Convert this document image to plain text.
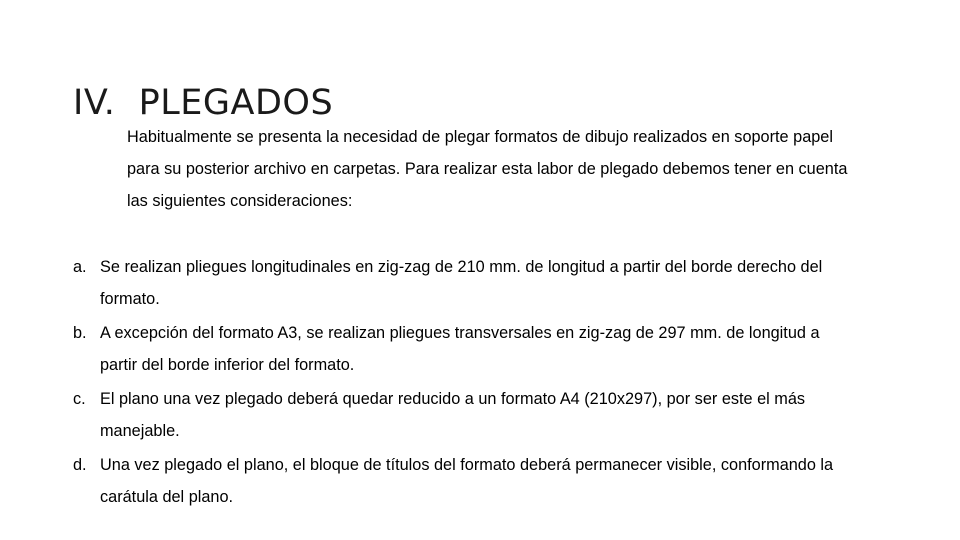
IV. PLEGADOS

Habitualmente se presenta la necesidad de plegar formatos de dibujo realizados en soporte papel para su posterior archivo en carpetas. Para realizar esta labor de plegado debemos tener en cuenta las siguientes consideraciones:

a. Se realizan pliegues longitudinales en zig-zag de 210 mm. de longitud a partir del borde derecho del formato.
b. A excepción del formato A3, se realizan pliegues transversales en zig-zag de 297 mm. de longitud a partir del borde inferior del formato.
c. El plano una vez plegado deberá quedar reducido a un formato A4 (210x297), por ser este el más manejable.
d. Una vez plegado el plano, el bloque de títulos del formato deberá permanecer visible, conformando la carátula del plano.
